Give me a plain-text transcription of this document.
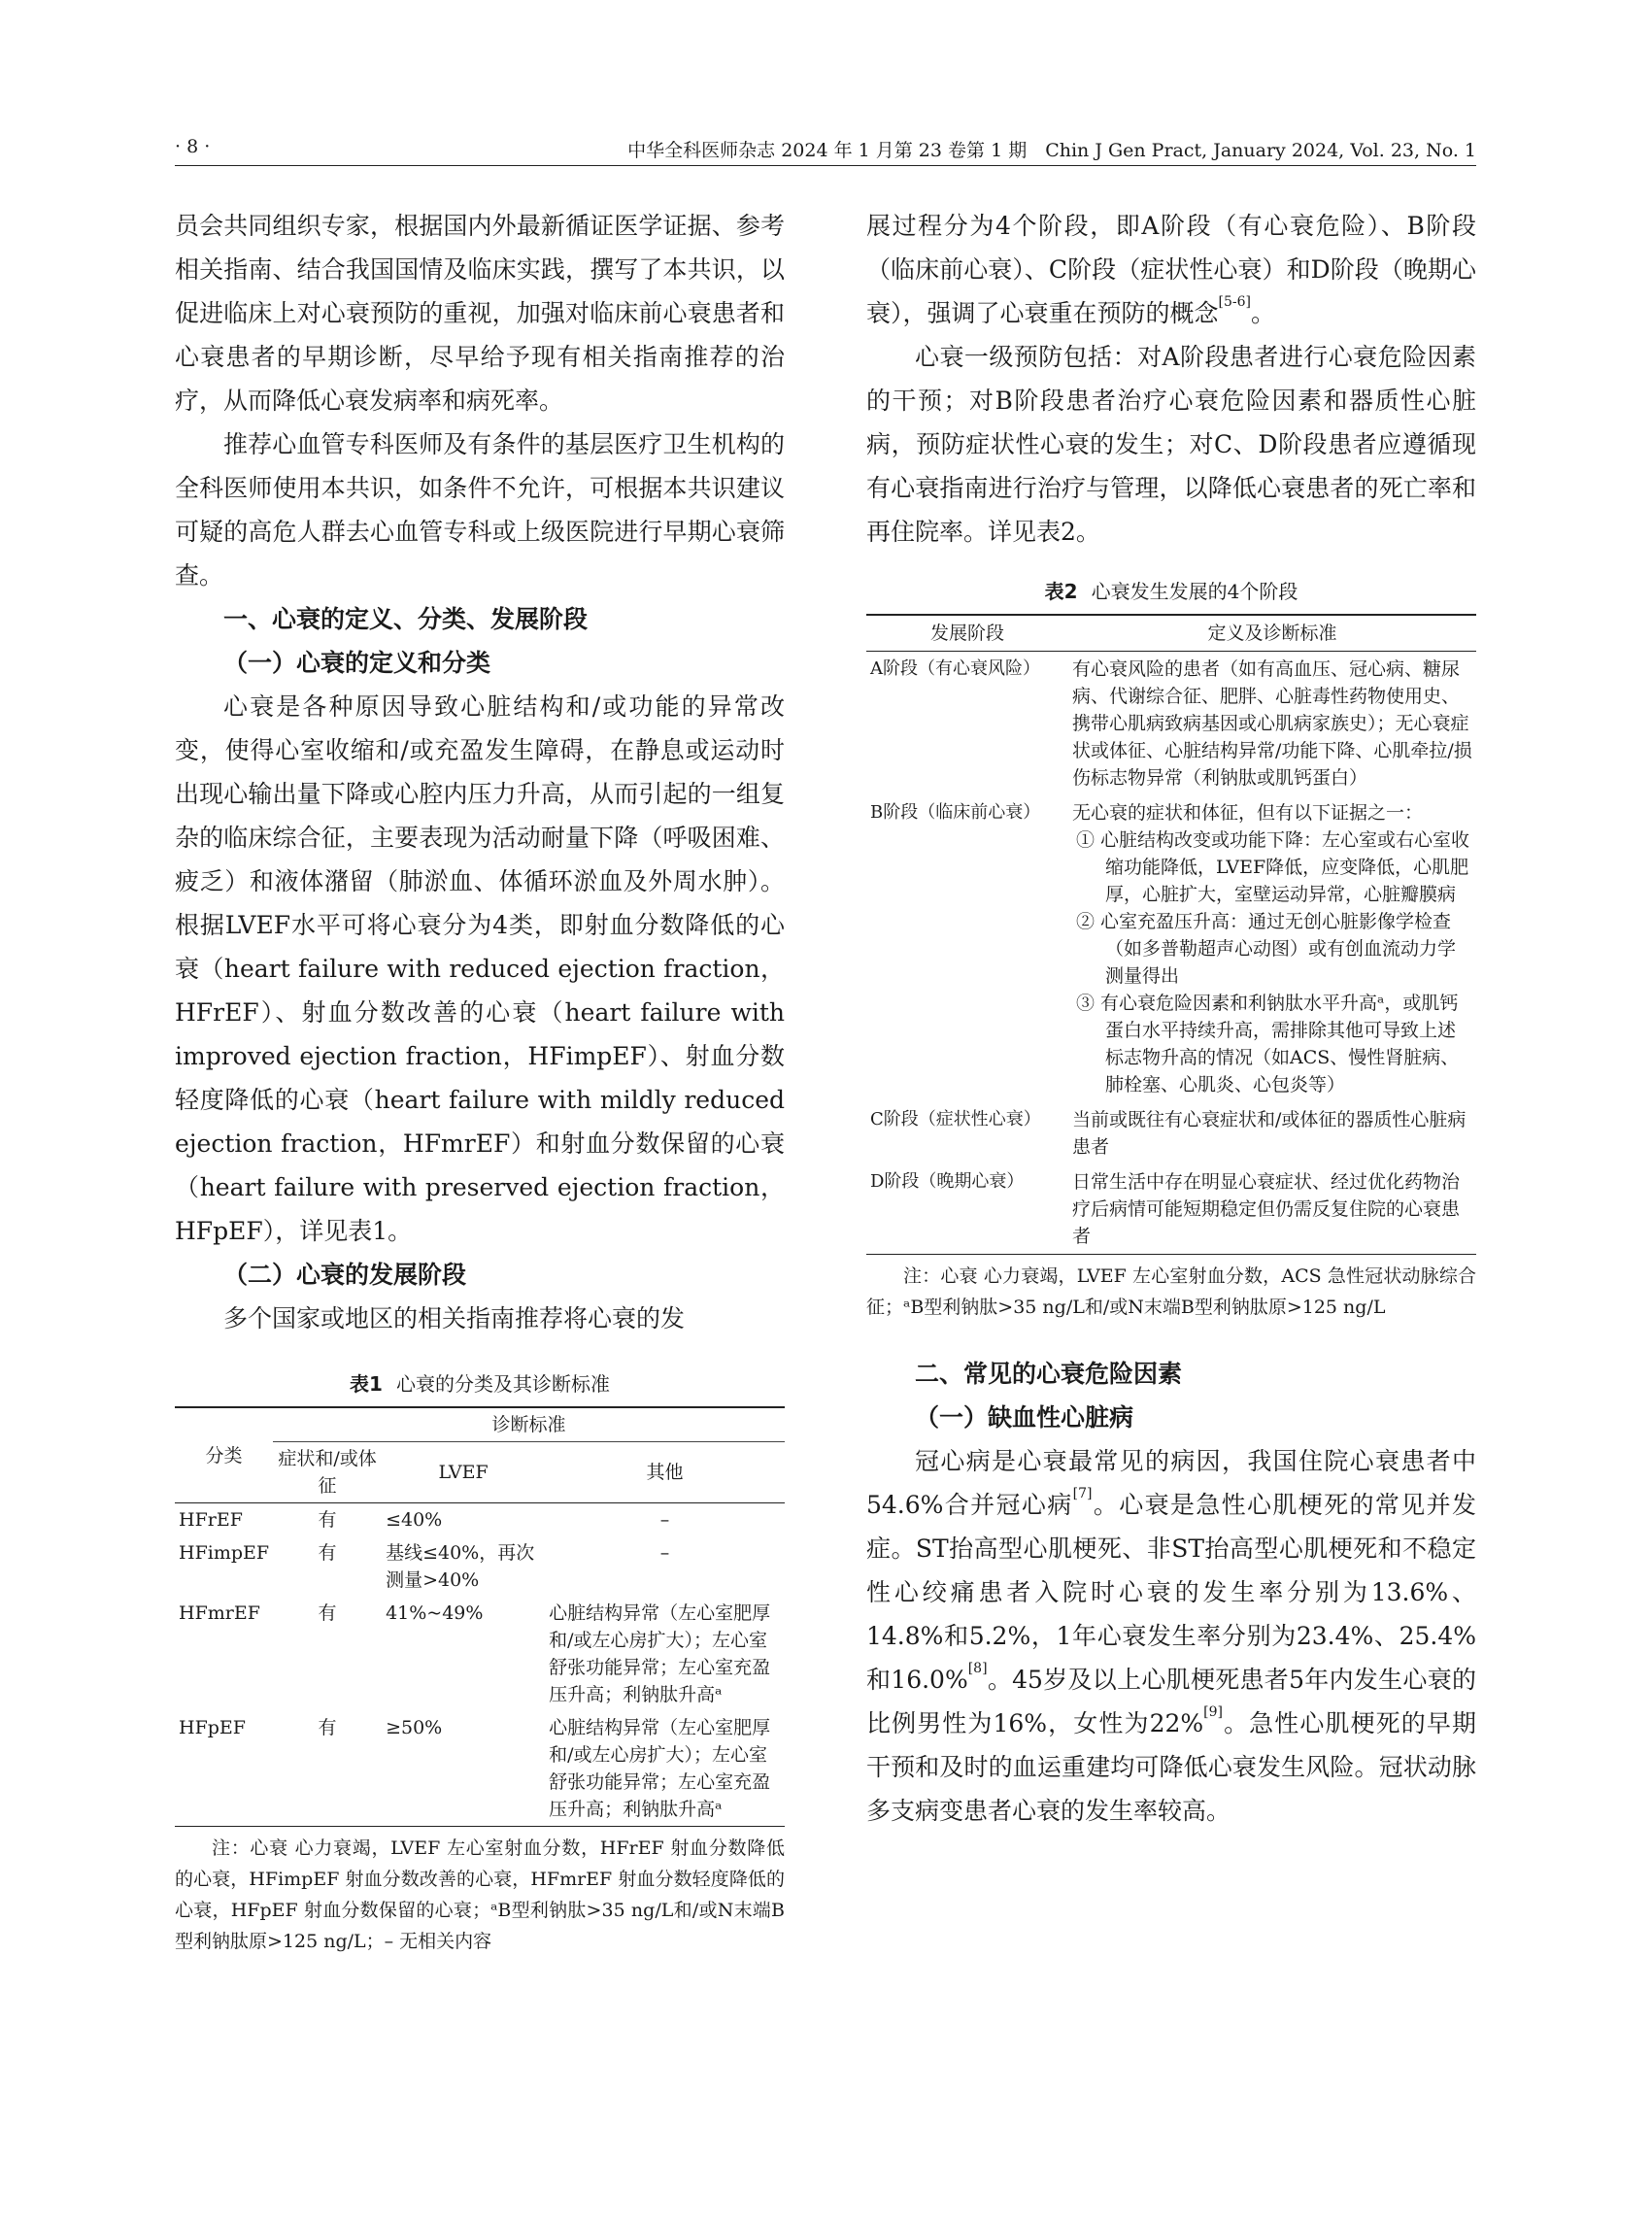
· 8 ·	中华全科医师杂志 2024 年 1 月第 23 卷第 1 期　Chin J Gen Pract, January 2024, Vol. 23, No. 1

员会共同组织专家，根据国内外最新循证医学证据、参考相关指南、结合我国国情及临床实践，撰写了本共识，以促进临床上对心衰预防的重视，加强对临床前心衰患者和心衰患者的早期诊断，尽早给予现有相关指南推荐的治疗，从而降低心衰发病率和病死率。

推荐心血管专科医师及有条件的基层医疗卫生机构的全科医师使用本共识，如条件不允许，可根据本共识建议可疑的高危人群去心血管专科或上级医院进行早期心衰筛查。

一、心衰的定义、分类、发展阶段

（一）心衰的定义和分类

心衰是各种原因导致心脏结构和/或功能的异常改变，使得心室收缩和/或充盈发生障碍，在静息或运动时出现心输出量下降或心腔内压力升高，从而引起的一组复杂的临床综合征，主要表现为活动耐量下降（呼吸困难、疲乏）和液体潴留（肺淤血、体循环淤血及外周水肿）。根据LVEF水平可将心衰分为4类，即射血分数降低的心衰（heart failure with reduced ejection fraction，HFrEF）、射血分数改善的心衰（heart failure with improved ejection fraction，HFimpEF）、射血分数轻度降低的心衰（heart failure with mildly reduced ejection fraction，HFmrEF）和射血分数保留的心衰（heart failure with preserved ejection fraction，HFpEF），详见表1。

（二）心衰的发展阶段

多个国家或地区的相关指南推荐将心衰的发

表1 心衰的分类及其诊断标准

分类	诊断标准		
	症状和/或体征	LVEF	其他
HFrEF	有	≤40%	–
HFimpEF	有	基线≤40%，再次测量>40%	–
HFmrEF	有	41%~49%	心脏结构异常（左心室肥厚和/或左心房扩大）；左心室舒张功能异常；左心室充盈压升高；利钠肽升高ᵃ
HFpEF	有	≥50%	心脏结构异常（左心室肥厚和/或左心房扩大）；左心室舒张功能异常；左心室充盈压升高；利钠肽升高ᵃ

注：心衰 心力衰竭，LVEF 左心室射血分数，HFrEF 射血分数降低的心衰，HFimpEF 射血分数改善的心衰，HFmrEF 射血分数轻度降低的心衰，HFpEF 射血分数保留的心衰；ᵃB型利钠肽>35 ng/L和/或N末端B型利钠肽原>125 ng/L；– 无相关内容

展过程分为4个阶段，即A阶段（有心衰危险）、B阶段（临床前心衰）、C阶段（症状性心衰）和D阶段（晚期心衰），强调了心衰重在预防的概念[5-6]。

心衰一级预防包括：对A阶段患者进行心衰危险因素的干预；对B阶段患者治疗心衰危险因素和器质性心脏病，预防症状性心衰的发生；对C、D阶段患者应遵循现有心衰指南进行治疗与管理，以降低心衰患者的死亡率和再住院率。详见表2。

表2 心衰发生发展的4个阶段

发展阶段	定义及诊断标准
A阶段（有心衰风险）	有心衰风险的患者（如有高血压、冠心病、糖尿病、代谢综合征、肥胖、心脏毒性药物使用史、携带心肌病致病基因或心肌病家族史）；无心衰症状或体征、心脏结构异常/功能下降、心肌牵拉/损伤标志物异常（利钠肽或肌钙蛋白）
B阶段（临床前心衰）	无心衰的症状和体征，但有以下证据之一：
① 心脏结构改变或功能下降：左心室或右心室收缩功能降低，LVEF降低，应变降低，心肌肥厚，心脏扩大，室壁运动异常，心脏瓣膜病
② 心室充盈压升高：通过无创心脏影像学检查（如多普勒超声心动图）或有创血流动力学测量得出
③ 有心衰危险因素和利钠肽水平升高ᵃ，或肌钙蛋白水平持续升高，需排除其他可导致上述标志物升高的情况（如ACS、慢性肾脏病、肺栓塞、心肌炎、心包炎等）

C阶段（症状性心衰）	当前或既往有心衰症状和/或体征的器质性心脏病患者
D阶段（晚期心衰）	日常生活中存在明显心衰症状、经过优化药物治疗后病情可能短期稳定但仍需反复住院的心衰患者

注：心衰 心力衰竭，LVEF 左心室射血分数，ACS 急性冠状动脉综合征；ᵃB型利钠肽>35 ng/L和/或N末端B型利钠肽原>125 ng/L

二、常见的心衰危险因素

（一）缺血性心脏病

冠心病是心衰最常见的病因，我国住院心衰患者中54.6%合并冠心病[7]。心衰是急性心肌梗死的常见并发症。ST抬高型心肌梗死、非ST抬高型心肌梗死和不稳定性心绞痛患者入院时心衰的发生率分别为13.6%、14.8%和5.2%，1年心衰发生率分别为23.4%、25.4%和16.0%[8]。45岁及以上心肌梗死患者5年内发生心衰的比例男性为16%，女性为22%[9]。急性心肌梗死的早期干预和及时的血运重建均可降低心衰发生风险。冠状动脉多支病变患者心衰的发生率较高。
